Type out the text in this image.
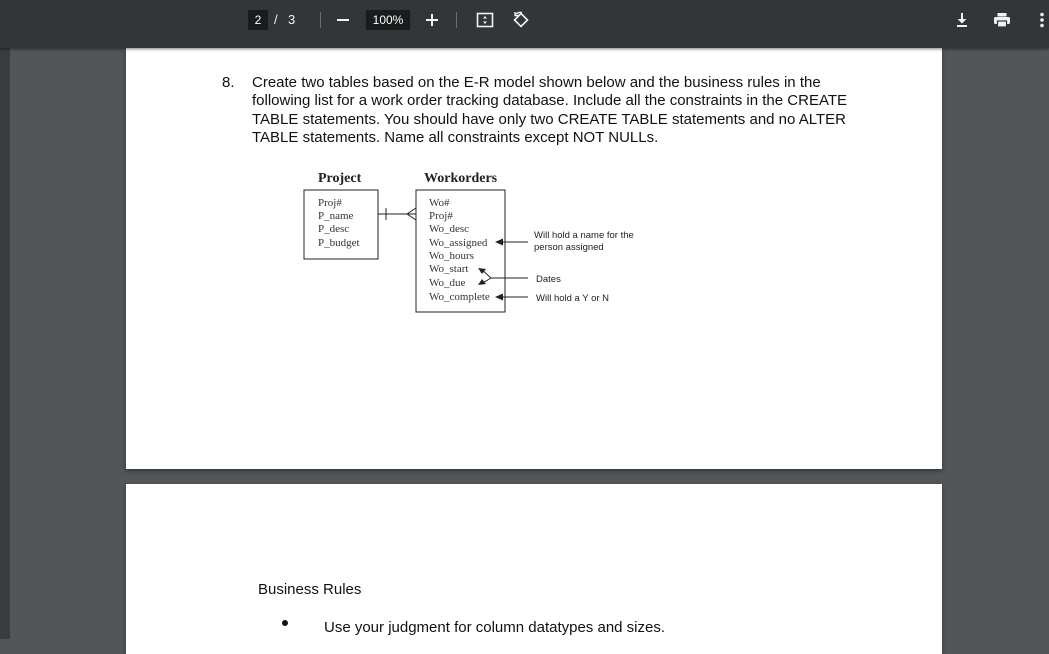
2 / 3	100%
8. Create two tables based on the E-R model shown below and the business rules in the following list for a work order tracking database. Include all the constraints in the CREATE TABLE statements. You should have only two CREATE TABLE statements and no ALTER TABLE statements. Name all constraints except NOT NULLs.
Project
Proj#
P_name
P_desc
P_budget
Workorders
Wo#
Proj#
Wo_desc
Wo_assigned
Wo_hours
Wo_start
Wo_due
Wo_complete
Will hold a name for the
person assigned
Dates
Will hold a Y or N
Business Rules
Use your judgment for column datatypes and sizes.
